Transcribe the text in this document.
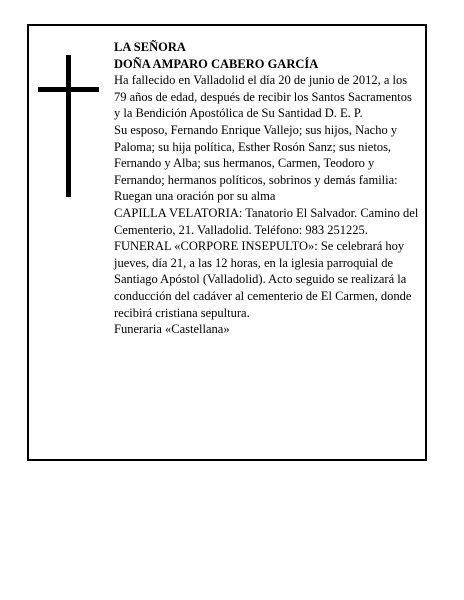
LA SEÑORA

DOÑA AMPARO CABERO GARCÍA

Ha fallecido en Valladolid el día 20 de junio de 2012, a los 79 años de edad, después de recibir los Santos Sacramentos y la Bendición Apostólica de Su Santidad D. E. P.

Su esposo, Fernando Enrique Vallejo; sus hijos, Nacho y Paloma; su hija política, Esther Rosón Sanz; sus nietos, Fernando y Alba; sus hermanos, Carmen, Teodoro y Fernando; hermanos políticos, sobrinos y demás familia:

Ruegan una oración por su alma

CAPILLA VELATORIA: Tanatorio El Salvador. Camino del Cementerio, 21. Valladolid. Teléfono: 983 251225.

FUNERAL «CORPORE INSEPULTO»: Se celebrará hoy jueves, día 21, a las 12 horas, en la iglesia parroquial de Santiago Apóstol (Valladolid). Acto seguido se realizará la conducción del cadáver al cementerio de El Carmen, donde recibirá cristiana sepultura.

Funeraria «Castellana»
